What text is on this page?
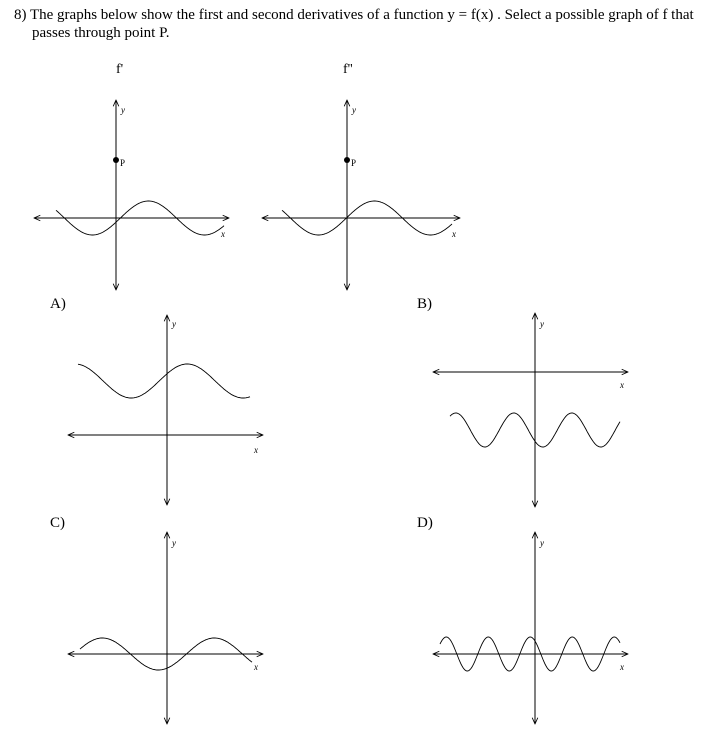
8) The graphs below show the first and second derivatives of a function y = f(x) . Select a possible graph of f that
passes through point P.
f'	f''
A)	B)
C)	D)
P
y
x
P
y
x
y
x
y
x
y
x
y
x
